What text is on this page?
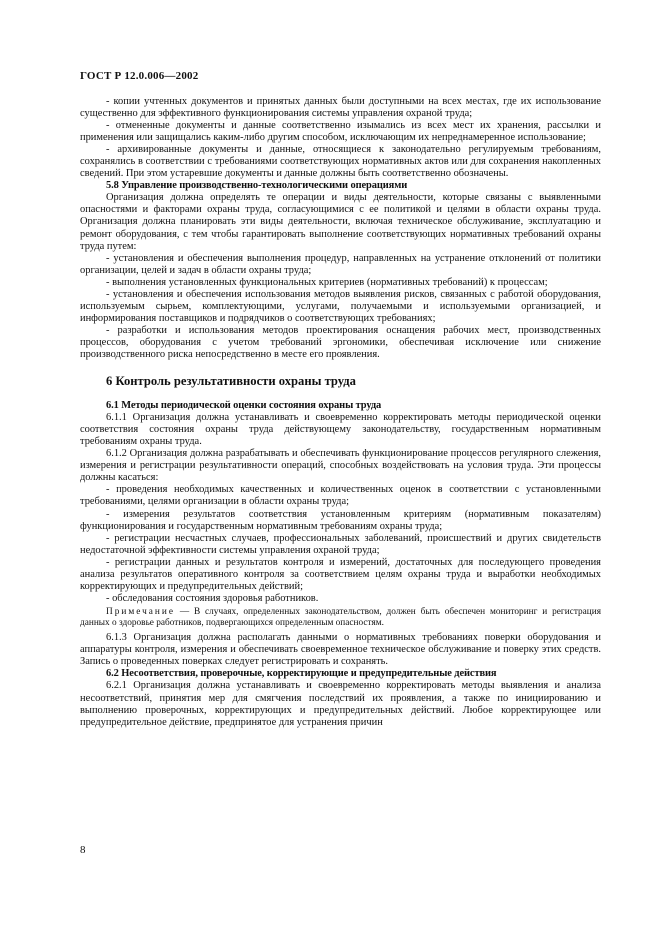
ГОСТ Р 12.0.006—2002

- копии учтенных документов и принятых данных были доступными на всех местах, где их использование существенно для эффективного функционирования системы управления охраной труда;

- отмененные документы и данные соответственно изымались из всех мест их хранения, рассылки и применения или защищались каким-либо другим способом, исключающим их непреднамеренное использование;

- архивированные документы и данные, относящиеся к законодательно регулируемым требованиям, сохранялись в соответствии с требованиями соответствующих нормативных актов или для сохранения накопленных сведений. При этом устаревшие документы и данные должны быть соответственно обозначены.

5.8 Управление производственно-технологическими операциями

Организация должна определять те операции и виды деятельности, которые связаны с выявленными опасностями и факторами охраны труда, согласующимися с ее политикой и целями в области охраны труда. Организация должна планировать эти виды деятельности, включая техническое обслуживание, эксплуатацию и ремонт оборудования, с тем чтобы гарантировать выполнение соответствующих нормативных требований охраны труда путем:

- установления и обеспечения выполнения процедур, направленных на устранение отклонений от политики организации, целей и задач в области охраны труда;

- выполнения установленных функциональных критериев (нормативных требований) к процессам;

- установления и обеспечения использования методов выявления рисков, связанных с работой оборудования, используемым сырьем, комплектующими, услугами, получаемыми и используемыми организацией, и информирования поставщиков и подрядчиков о соответствующих требованиях;

- разработки и использования методов проектирования оснащения рабочих мест, производственных процессов, оборудования с учетом требований эргономики, обеспечивая исключение или снижение производственного риска непосредственно в месте его проявления.

6 Контроль результативности охраны труда

6.1 Методы периодической оценки состояния охраны труда

6.1.1 Организация должна устанавливать и своевременно корректировать методы периодической оценки соответствия состояния охраны труда действующему законодательству, государственным нормативным требованиям охраны труда.

6.1.2 Организация должна разрабатывать и обеспечивать функционирование процессов регулярного слежения, измерения и регистрации результативности операций, способных воздействовать на условия труда. Эти процессы должны касаться:

- проведения необходимых качественных и количественных оценок в соответствии с установленными требованиями, целями организации в области охраны труда;

- измерения результатов соответствия установленным критериям (нормативным показателям) функционирования и государственным нормативным требованиям охраны труда;

- регистрации несчастных случаев, профессиональных заболеваний, происшествий и других свидетельств недостаточной эффективности системы управления охраной труда;

- регистрации данных и результатов контроля и измерений, достаточных для последующего проведения анализа результатов оперативного контроля за соответствием целям охраны труда и выработки необходимых корректирующих и предупредительных действий;

- обследования состояния здоровья работников.

Примечание — В случаях, определенных законодательством, должен быть обеспечен мониторинг и регистрация данных о здоровье работников, подвергающихся определенным опасностям.

6.1.3 Организация должна располагать данными о нормативных требованиях поверки оборудования и аппаратуры контроля, измерения и обеспечивать своевременное техническое обслуживание и поверку этих средств. Запись о проведенных поверках следует регистрировать и сохранять.

6.2 Несоответствия, проверочные, корректирующие и предупредительные действия

6.2.1 Организация должна устанавливать и своевременно корректировать методы выявления и анализа несоответствий, принятия мер для смягчения последствий их проявления, а также по инициированию и выполнению проверочных, корректирующих и предупредительных действий. Любое корректирующее или предупредительное действие, предпринятое для устранения причин

8
